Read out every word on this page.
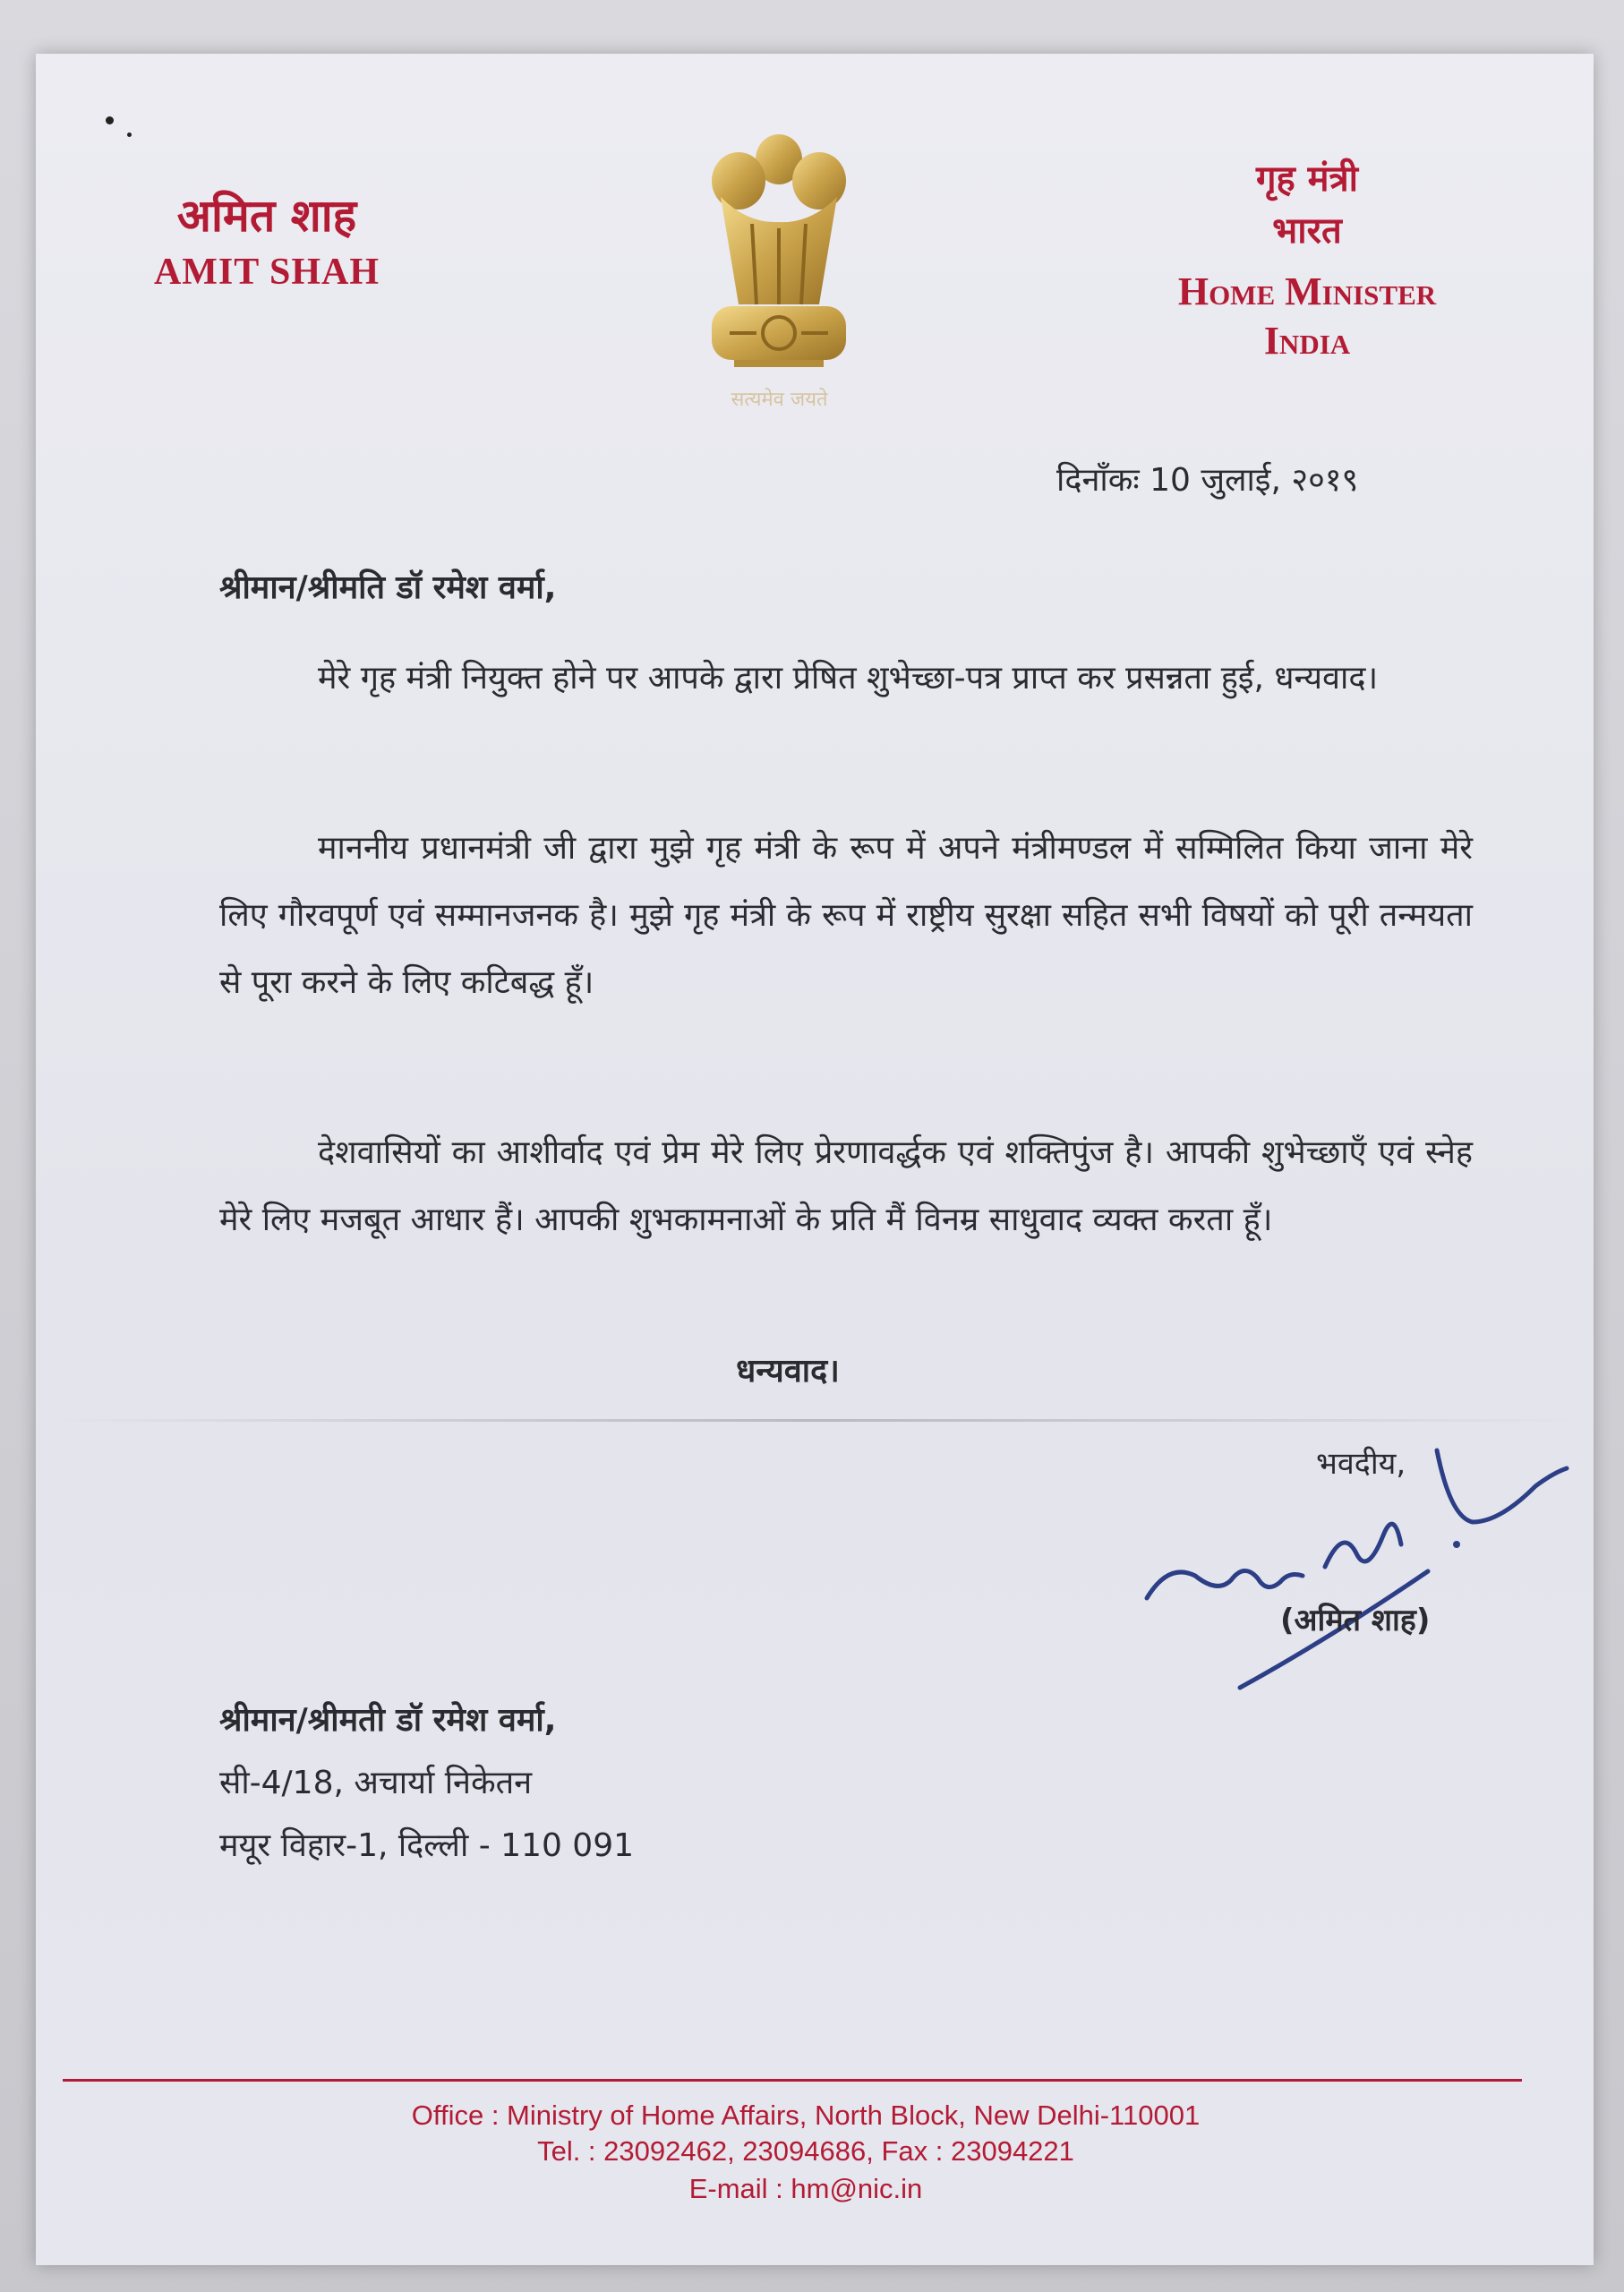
अमित शाह
AMIT SHAH
सत्यमेव जयते
गृह मंत्री
भारत
Home Minister
India
दिनाँकः 10 जुलाई, २०१९
श्रीमान/श्रीमति डॉ रमेश वर्मा,
मेरे गृह मंत्री नियुक्त होने पर आपके द्वारा प्रेषित शुभेच्छा-पत्र प्राप्त कर प्रसन्नता हुई, धन्यवाद।
माननीय प्रधानमंत्री जी द्वारा मुझे गृह मंत्री के रूप में अपने मंत्रीमण्डल में सम्मिलित किया जाना मेरे लिए गौरवपूर्ण एवं सम्मानजनक है। मुझे गृह मंत्री के रूप में राष्ट्रीय सुरक्षा सहित सभी विषयों को पूरी तन्मयता से पूरा करने के लिए कटिबद्ध हूँ।
देशवासियों का आशीर्वाद एवं प्रेम मेरे लिए प्रेरणावर्द्धक एवं शक्तिपुंज है। आपकी शुभेच्छाएँ एवं स्नेह मेरे लिए मजबूत आधार हैं। आपकी शुभकामनाओं के प्रति मैं विनम्र साधुवाद व्यक्त करता हूँ।
धन्यवाद।
भवदीय,
(अमित शाह)
श्रीमान/श्रीमती डॉ रमेश वर्मा,
सी-4/18, अचार्या निकेतन
मयूर विहार-1, दिल्ली - 110 091
Office : Ministry of Home Affairs, North Block, New Delhi-110001
Tel. : 23092462, 23094686, Fax : 23094221
E-mail : hm@nic.in
